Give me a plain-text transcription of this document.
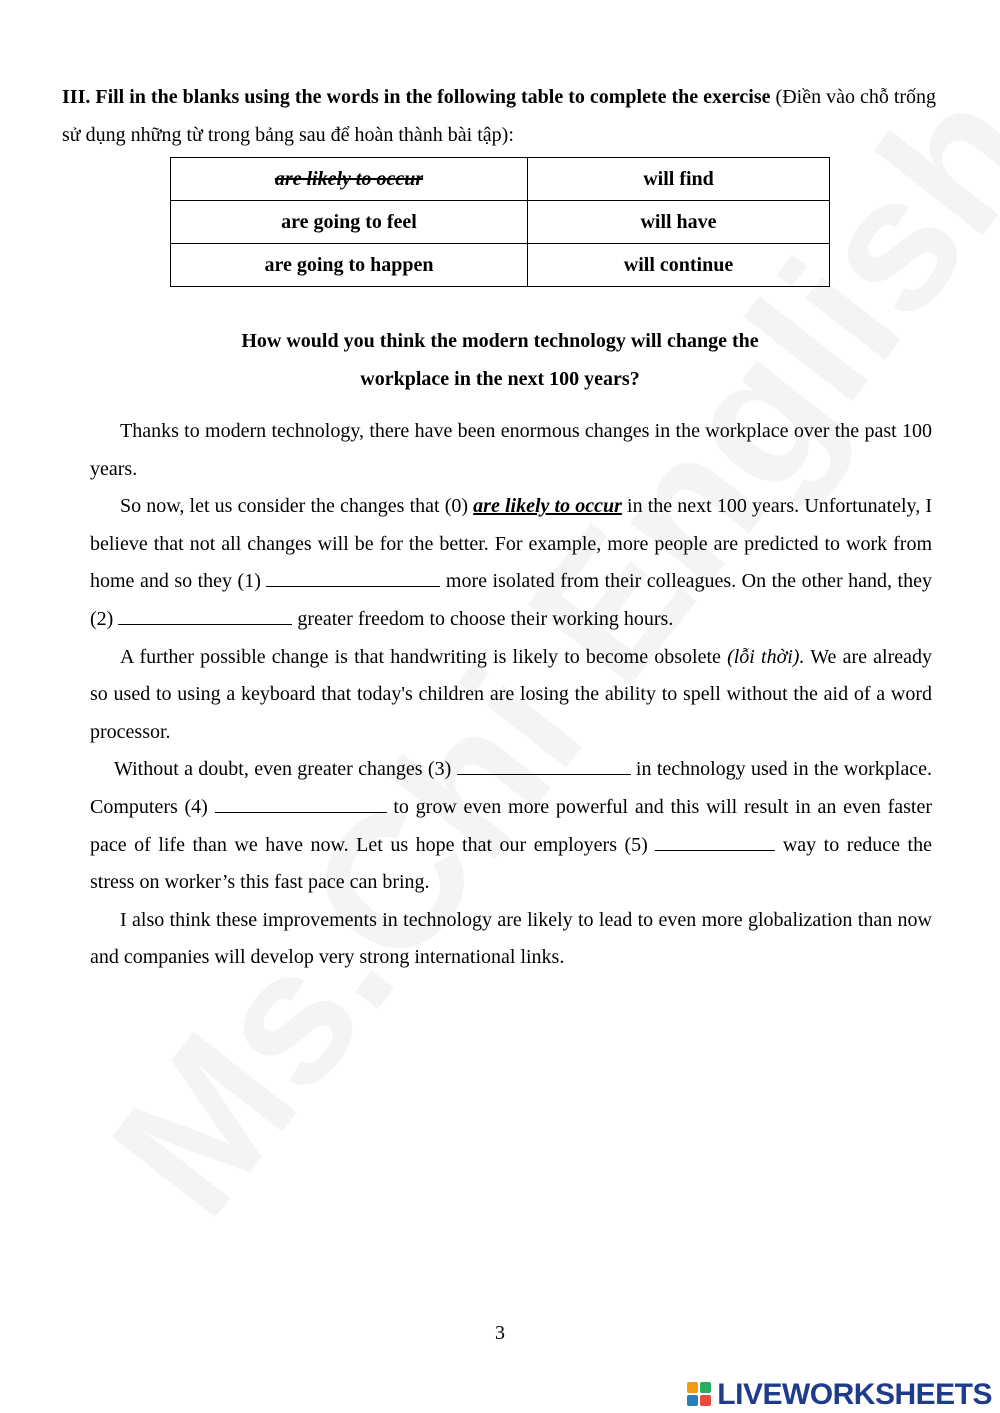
III. Fill in the blanks using the words in the following table to complete the exercise (Điền vào chỗ trống sử dụng những từ trong bảng sau để hoàn thành bài tập):
are likely to occur	will find
are going to feel	will have
are going to happen	will continue
How would you think the modern technology will change the
workplace in the next 100 years?

Thanks to modern technology, there have been enormous changes in the workplace over the past 100 years.

So now, let us consider the changes that (0) are likely to occur in the next 100 years. Unfortunately, I believe that not all changes will be for the better. For example, more people are predicted to work from home and so they (1)	more isolated from their colleagues. On the other hand, they (2)	greater freedom to choose their working hours.

A further possible change is that handwriting is likely to become obsolete (lỗi thời). We are already so used to using a keyboard that today's children are losing the ability to spell without the aid of a word processor.

Without a doubt, even greater changes (3)	in technology used in the workplace. Computers (4)	to grow even more powerful and this will result in an even faster pace of life than we have now. Let us hope that our employers (5)	way to reduce the stress on worker’s this fast pace can bring.

I also think these improvements in technology are likely to lead to even more globalization than now and companies will develop very strong international links.

3
LIVEWORKSHEETS
